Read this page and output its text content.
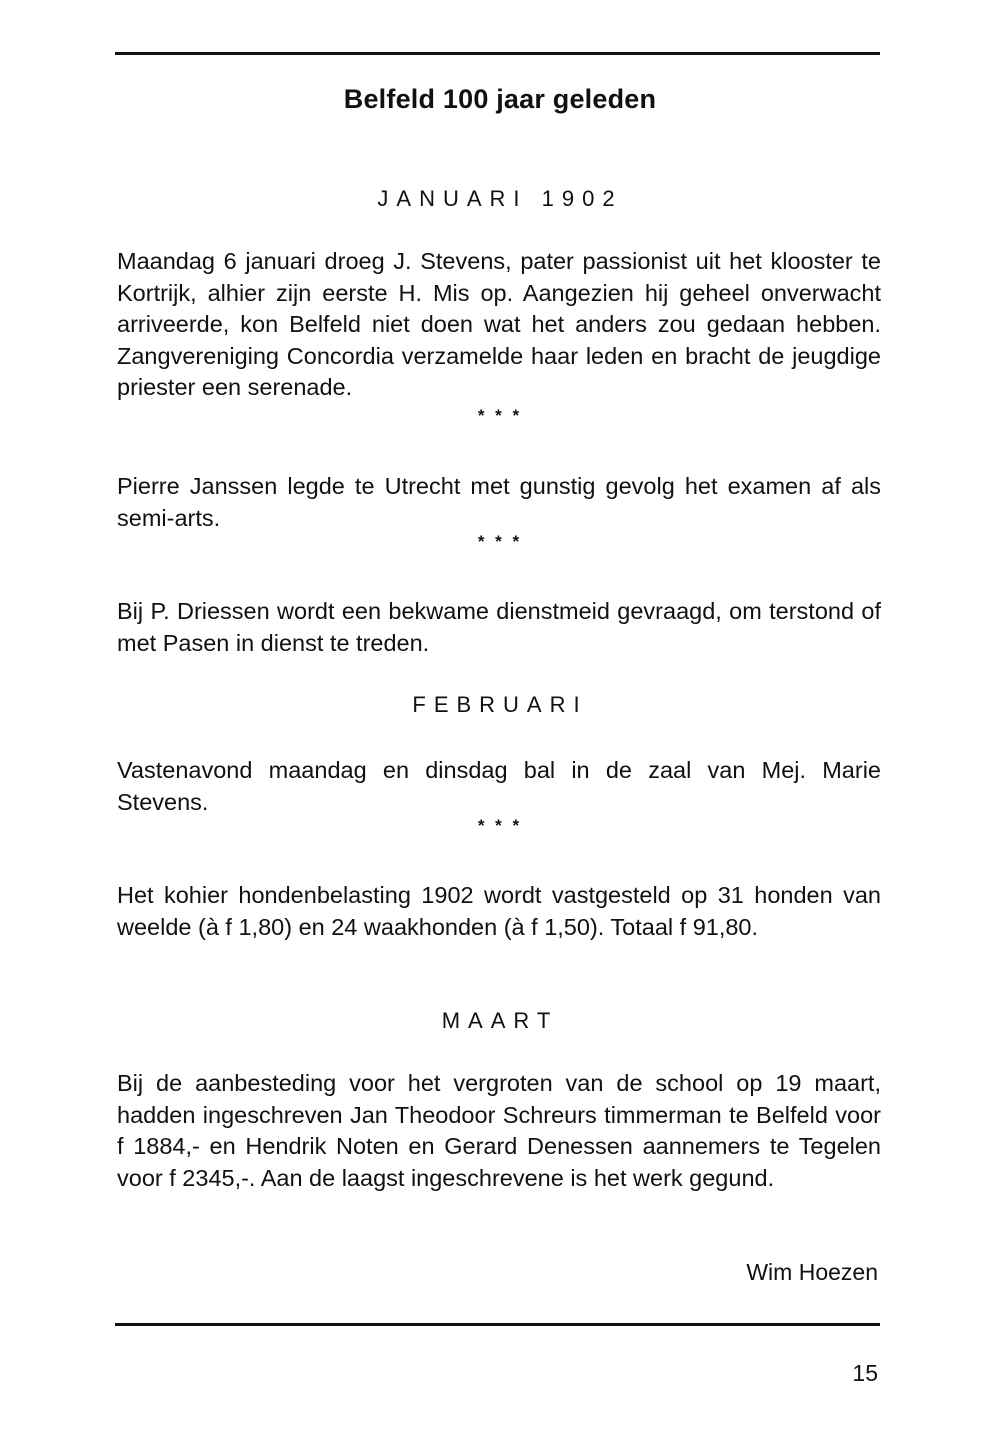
Belfeld 100 jaar geleden
JANUARI 1902
Maandag 6 januari droeg J. Stevens, pater passionist uit het klooster te Kortrijk, alhier zijn eerste H. Mis op. Aangezien hij geheel onverwacht arriveerde, kon Belfeld niet doen wat het anders zou gedaan hebben. Zangvereniging Concordia verzamelde haar leden en bracht de jeugdige priester een serenade.
* * *
Pierre Janssen legde te Utrecht met gunstig gevolg het examen af als semi-arts.
* * *
Bij P. Driessen wordt een bekwame dienstmeid gevraagd, om terstond of met Pasen in dienst te treden.
FEBRUARI
Vastenavond maandag en dinsdag bal in de zaal van Mej. Marie Stevens.
* * *
Het kohier hondenbelasting 1902 wordt vastgesteld op 31 honden van weelde (à f 1,80) en 24 waakhonden (à f 1,50). Totaal f 91,80.
MAART
Bij de aanbesteding voor het vergroten van de school op 19 maart, hadden ingeschreven Jan Theodoor Schreurs timmerman te Belfeld voor f 1884,- en Hendrik Noten en Gerard Denessen aannemers te Tegelen voor f 2345,-. Aan de laagst ingeschrevene is het werk gegund.
Wim Hoezen
15
